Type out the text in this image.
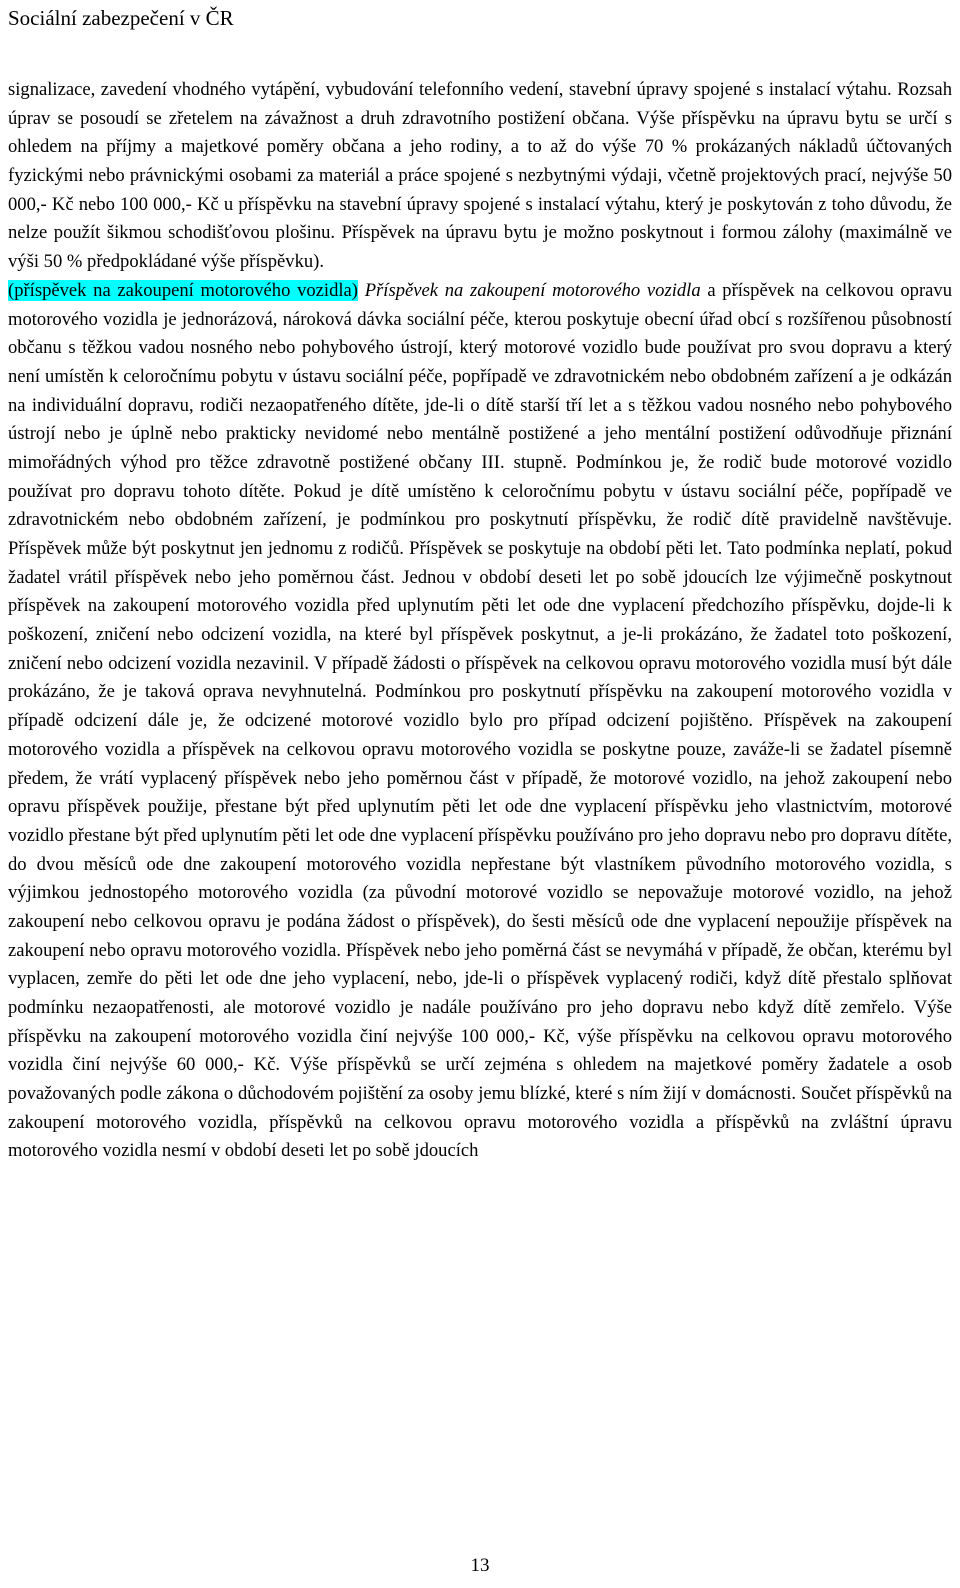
Sociální zabezpečení v ČR

signalizace, zavedení vhodného vytápění, vybudování telefonního vedení, stavební úpravy spojené s instalací výtahu. Rozsah úprav se posoudí se zřetelem na závažnost a druh zdravotního postižení občana. Výše příspěvku na úpravu bytu se určí s ohledem na příjmy a majetkové poměry občana a jeho rodiny, a to až do výše 70 % prokázaných nákladů účtovaných fyzickými nebo právnickými osobami za materiál a práce spojené s nezbytnými výdaji, včetně projektových prací, nejvýše 50 000,- Kč nebo 100 000,- Kč u příspěvku na stavební úpravy spojené s instalací výtahu, který je poskytován z toho důvodu, že nelze použít šikmou schodišťovou plošinu. Příspěvek na úpravu bytu je možno poskytnout i formou zálohy (maximálně ve výši 50 % předpokládané výše příspěvku).
(příspěvek na zakoupení motorového vozidla) Příspěvek na zakoupení motorového vozidla a příspěvek na celkovou opravu motorového vozidla je jednorázová, nároková dávka sociální péče, kterou poskytuje obecní úřad obcí s rozšířenou působností občanu s těžkou vadou nosného nebo pohybového ústrojí, který motorové vozidlo bude používat pro svou dopravu a který není umístěn k celoročnímu pobytu v ústavu sociální péče, popřípadě ve zdravotnickém nebo obdobném zařízení a je odkázán na individuální dopravu, rodiči nezaopatřeného dítěte, jde-li o dítě starší tří let a s těžkou vadou nosného nebo pohybového ústrojí nebo je úplně nebo prakticky nevidomé nebo mentálně postižené a jeho mentální postižení odůvodňuje přiznání mimořádných výhod pro těžce zdravotně postižené občany III. stupně. Podmínkou je, že rodič bude motorové vozidlo používat pro dopravu tohoto dítěte. Pokud je dítě umístěno k celoročnímu pobytu v ústavu sociální péče, popřípadě ve zdravotnickém nebo obdobném zařízení, je podmínkou pro poskytnutí příspěvku, že rodič dítě pravidelně navštěvuje. Příspěvek může být poskytnut jen jednomu z rodičů. Příspěvek se poskytuje na období pěti let. Tato podmínka neplatí, pokud žadatel vrátil příspěvek nebo jeho poměrnou část. Jednou v období deseti let po sobě jdoucích lze výjimečně poskytnout příspěvek na zakoupení motorového vozidla před uplynutím pěti let ode dne vyplacení předchozího příspěvku, dojde-li k poškození, zničení nebo odcizení vozidla, na které byl příspěvek poskytnut, a je-li prokázáno, že žadatel toto poškození, zničení nebo odcizení vozidla nezavinil. V případě žádosti o příspěvek na celkovou opravu motorového vozidla musí být dále prokázáno, že je taková oprava nevyhnutelná. Podmínkou pro poskytnutí příspěvku na zakoupení motorového vozidla v případě odcizení dále je, že odcizené motorové vozidlo bylo pro případ odcizení pojištěno. Příspěvek na zakoupení motorového vozidla a příspěvek na celkovou opravu motorového vozidla se poskytne pouze, zaváže-li se žadatel písemně předem, že vrátí vyplacený příspěvek nebo jeho poměrnou část v případě, že motorové vozidlo, na jehož zakoupení nebo opravu příspěvek použije, přestane být před uplynutím pěti let ode dne vyplacení příspěvku jeho vlastnictvím, motorové vozidlo přestane být před uplynutím pěti let ode dne vyplacení příspěvku používáno pro jeho dopravu nebo pro dopravu dítěte, do dvou měsíců ode dne zakoupení motorového vozidla nepřestane být vlastníkem původního motorového vozidla, s výjimkou jednostopého motorového vozidla (za původní motorové vozidlo se nepovažuje motorové vozidlo, na jehož zakoupení nebo celkovou opravu je podána žádost o příspěvek), do šesti měsíců ode dne vyplacení nepoužije příspěvek na zakoupení nebo opravu motorového vozidla. Příspěvek nebo jeho poměrná část se nevymáhá v případě, že občan, kterému byl vyplacen, zemře do pěti let ode dne jeho vyplacení, nebo, jde-li o příspěvek vyplacený rodiči, když dítě přestalo splňovat podmínku nezaopatřenosti, ale motorové vozidlo je nadále používáno pro jeho dopravu nebo když dítě zemřelo. Výše příspěvku na zakoupení motorového vozidla činí nejvýše 100 000,- Kč, výše příspěvku na celkovou opravu motorového vozidla činí nejvýše 60 000,- Kč. Výše příspěvků se určí zejména s ohledem na majetkové poměry žadatele a osob považovaných podle zákona o důchodovém pojištění za osoby jemu blízké, které s ním žijí v domácnosti. Součet příspěvků na zakoupení motorového vozidla, příspěvků na celkovou opravu motorového vozidla a příspěvků na zvláštní úpravu motorového vozidla nesmí v období deseti let po sobě jdoucích

13
